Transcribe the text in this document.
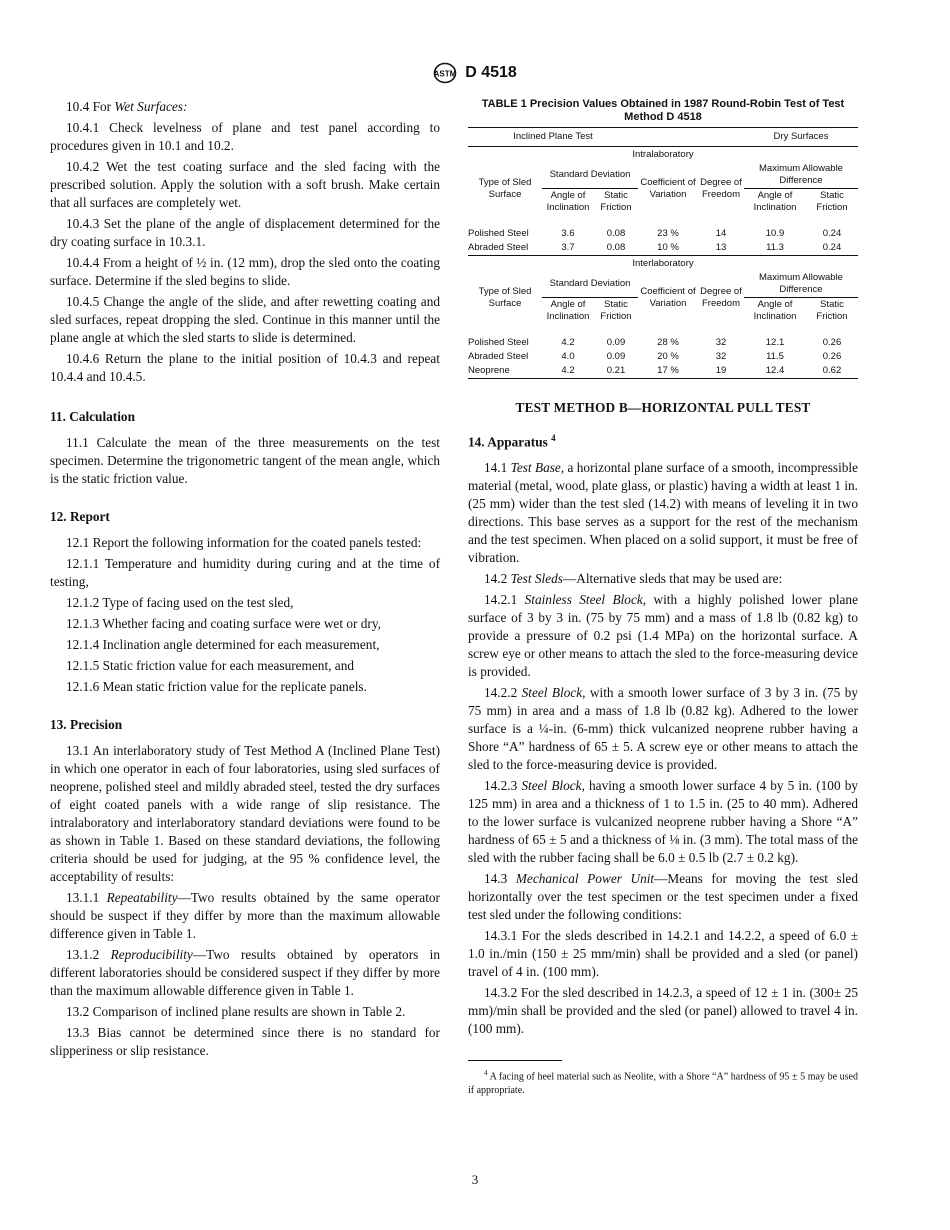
ASTM D 4518

10.4 For Wet Surfaces:

10.4.1 Check levelness of plane and test panel according to procedures given in 10.1 and 10.2.

10.4.2 Wet the test coating surface and the sled facing with the prescribed solution. Apply the solution with a soft brush. Make certain that all surfaces are completely wet.

10.4.3 Set the plane of the angle of displacement determined for the dry coating surface in 10.3.1.

10.4.4 From a height of ½ in. (12 mm), drop the sled onto the coating surface. Determine if the sled begins to slide.

10.4.5 Change the angle of the slide, and after rewetting coating and sled surfaces, repeat dropping the sled. Continue in this manner until the plane angle at which the sled starts to slide is determined.

10.4.6 Return the plane to the initial position of 10.4.3 and repeat 10.4.4 and 10.4.5.

11. Calculation

11.1 Calculate the mean of the three measurements on the test specimen. Determine the trigonometric tangent of the mean angle, which is the static friction value.

12. Report

12.1 Report the following information for the coated panels tested:

12.1.1 Temperature and humidity during curing and at the time of testing,

12.1.2 Type of facing used on the test sled,

12.1.3 Whether facing and coating surface were wet or dry,

12.1.4 Inclination angle determined for each measurement,

12.1.5 Static friction value for each measurement, and

12.1.6 Mean static friction value for the replicate panels.

13. Precision

13.1 An interlaboratory study of Test Method A (Inclined Plane Test) in which one operator in each of four laboratories, using sled surfaces of neoprene, polished steel and mildly abraded steel, tested the dry surfaces of eight coated panels with a wide range of slip resistance. The intralaboratory and interlaboratory standard deviations were found to be as shown in Table 1. Based on these standard deviations, the following criteria should be used for judging, at the 95 % confidence level, the acceptability of results:

13.1.1 Repeatability—Two results obtained by the same operator should be suspect if they differ by more than the maximum allowable difference given in Table 1.

13.1.2 Reproducibility—Two results obtained by operators in different laboratories should be considered suspect if they differ by more than the maximum allowable difference given in Table 1.

13.2 Comparison of inclined plane results are shown in Table 2.

13.3 Bias cannot be determined since there is no standard for slipperiness or slip resistance.

TABLE 1 Precision Values Obtained in 1987 Round-Robin Test of Test Method D 4518
Inclined Plane Test					Dry Surfaces	
Intralaboratory						
Type of Sled Surface	Standard Deviation		Coefficient of Variation	Degree of Freedom	Maximum Allowable Difference	
	Angle of Inclination	Static Friction			Angle of Inclination	Static Friction

Polished Steel	3.6	0.08	23 %	14	10.9	0.24
Abraded Steel	3.7	0.08	10 %	13	11.3	0.24
Interlaboratory						
Type of Sled Surface	Standard Deviation		Coefficient of Variation	Degree of Freedom	Maximum Allowable Difference	
	Angle of Inclination	Static Friction			Angle of Inclination	Static Friction

Polished Steel	4.2	0.09	28 %	32	12.1	0.26
Abraded Steel	4.0	0.09	20 %	32	11.5	0.26
Neoprene	4.2	0.21	17 %	19	12.4	0.62
TEST METHOD B—HORIZONTAL PULL TEST
14. Apparatus $^4$

14.1 Test Base, a horizontal plane surface of a smooth, incompressible material (metal, wood, plate glass, or plastic) having a width at least 1 in. (25 mm) wider than the test sled (14.2) with means of leveling it in two directions. This base serves as a support for the rest of the mechanism and the test specimen. When placed on a solid support, it must be free of vibration.

14.2 Test Sleds—Alternative sleds that may be used are:

14.2.1 Stainless Steel Block, with a highly polished lower plane surface of 3 by 3 in. (75 by 75 mm) and a mass of 1.8 lb (0.82 kg) to provide a pressure of 0.2 psi (1.4 MPa) on the horizontal surface. A screw eye or other means to attach the sled to the force-measuring device is provided.

14.2.2 Steel Block, with a smooth lower surface of 3 by 3 in. (75 by 75 mm) in area and a mass of 1.8 lb (0.82 kg). Adhered to the lower surface is a ¼-in. (6-mm) thick vulcanized neoprene rubber having a Shore “A” hardness of 65 ± 5. A screw eye or other means to attach the sled to the force-measuring device is provided.

14.2.3 Steel Block, having a smooth lower surface 4 by 5 in. (100 by 125 mm) in area and a thickness of 1 to 1.5 in. (25 to 40 mm). Adhered to the lower surface is vulcanized neoprene rubber having a Shore “A” hardness of 65 ± 5 and a thickness of ⅛ in. (3 mm). The total mass of the sled with the rubber facing shall be 6.0 ± 0.5 lb (2.7 ± 0.2 kg).

14.3 Mechanical Power Unit—Means for moving the test sled horizontally over the test specimen or the test specimen under a fixed test sled under the following conditions:

14.3.1 For the sleds described in 14.2.1 and 14.2.2, a speed of 6.0 ± 1.0 in./min (150 ± 25 mm/min) shall be provided and a sled (or panel) travel of 4 in. (100 mm).

14.3.2 For the sled described in 14.2.3, a speed of 12 ± 1 in. (300± 25 mm)/min shall be provided and the sled (or panel) allowed to travel 4 in. (100 mm).

$^4$ A facing of heel material such as Neolite, with a Shore “A” hardness of 95 ± 5 may be used if appropriate.

3
